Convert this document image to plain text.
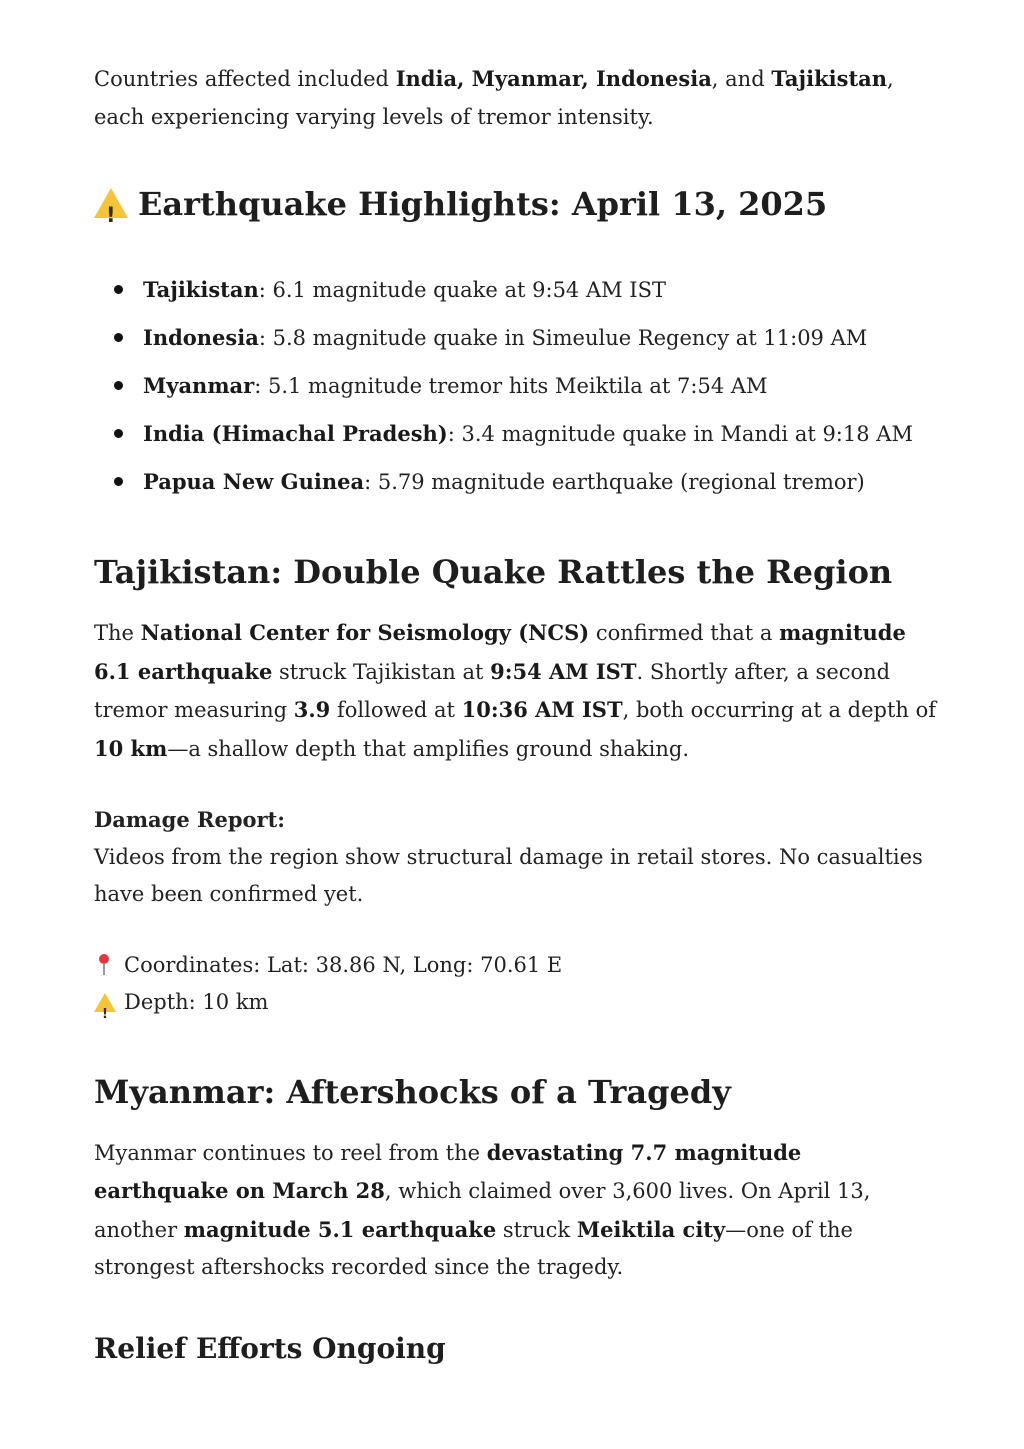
Countries affected included India, Myanmar, Indonesia, and Tajikistan, each experiencing varying levels of tremor intensity.

!
Earthquake Highlights: April 13, 2025
Tajikistan: 6.1 magnitude quake at 9:54 AM IST
Indonesia: 5.8 magnitude quake in Simeulue Regency at 11:09 AM
Myanmar: 5.1 magnitude tremor hits Meiktila at 7:54 AM
India (Himachal Pradesh): 3.4 magnitude quake in Mandi at 9:18 AM
Papua New Guinea: 5.79 magnitude earthquake (regional tremor)
Tajikistan: Double Quake Rattles the Region

The National Center for Seismology (NCS) confirmed that a magnitude 6.1 earthquake struck Tajikistan at 9:54 AM IST. Shortly after, a second tremor measuring 3.9 followed at 10:36 AM IST, both occurring at a depth of 10 km—a shallow depth that amplifies ground shaking.

Damage Report:

Videos from the region show structural damage in retail stores. No casualties have been confirmed yet.

Coordinates: Lat: 38.86 N, Long: 70.61 E

!
Depth: 10 km

Myanmar: Aftershocks of a Tragedy

Myanmar continues to reel from the devastating 7.7 magnitude earthquake on March 28, which claimed over 3,600 lives. On April 13, another magnitude 5.1 earthquake struck Meiktila city—one of the strongest aftershocks recorded since the tragedy.

Relief Efforts Ongoing
